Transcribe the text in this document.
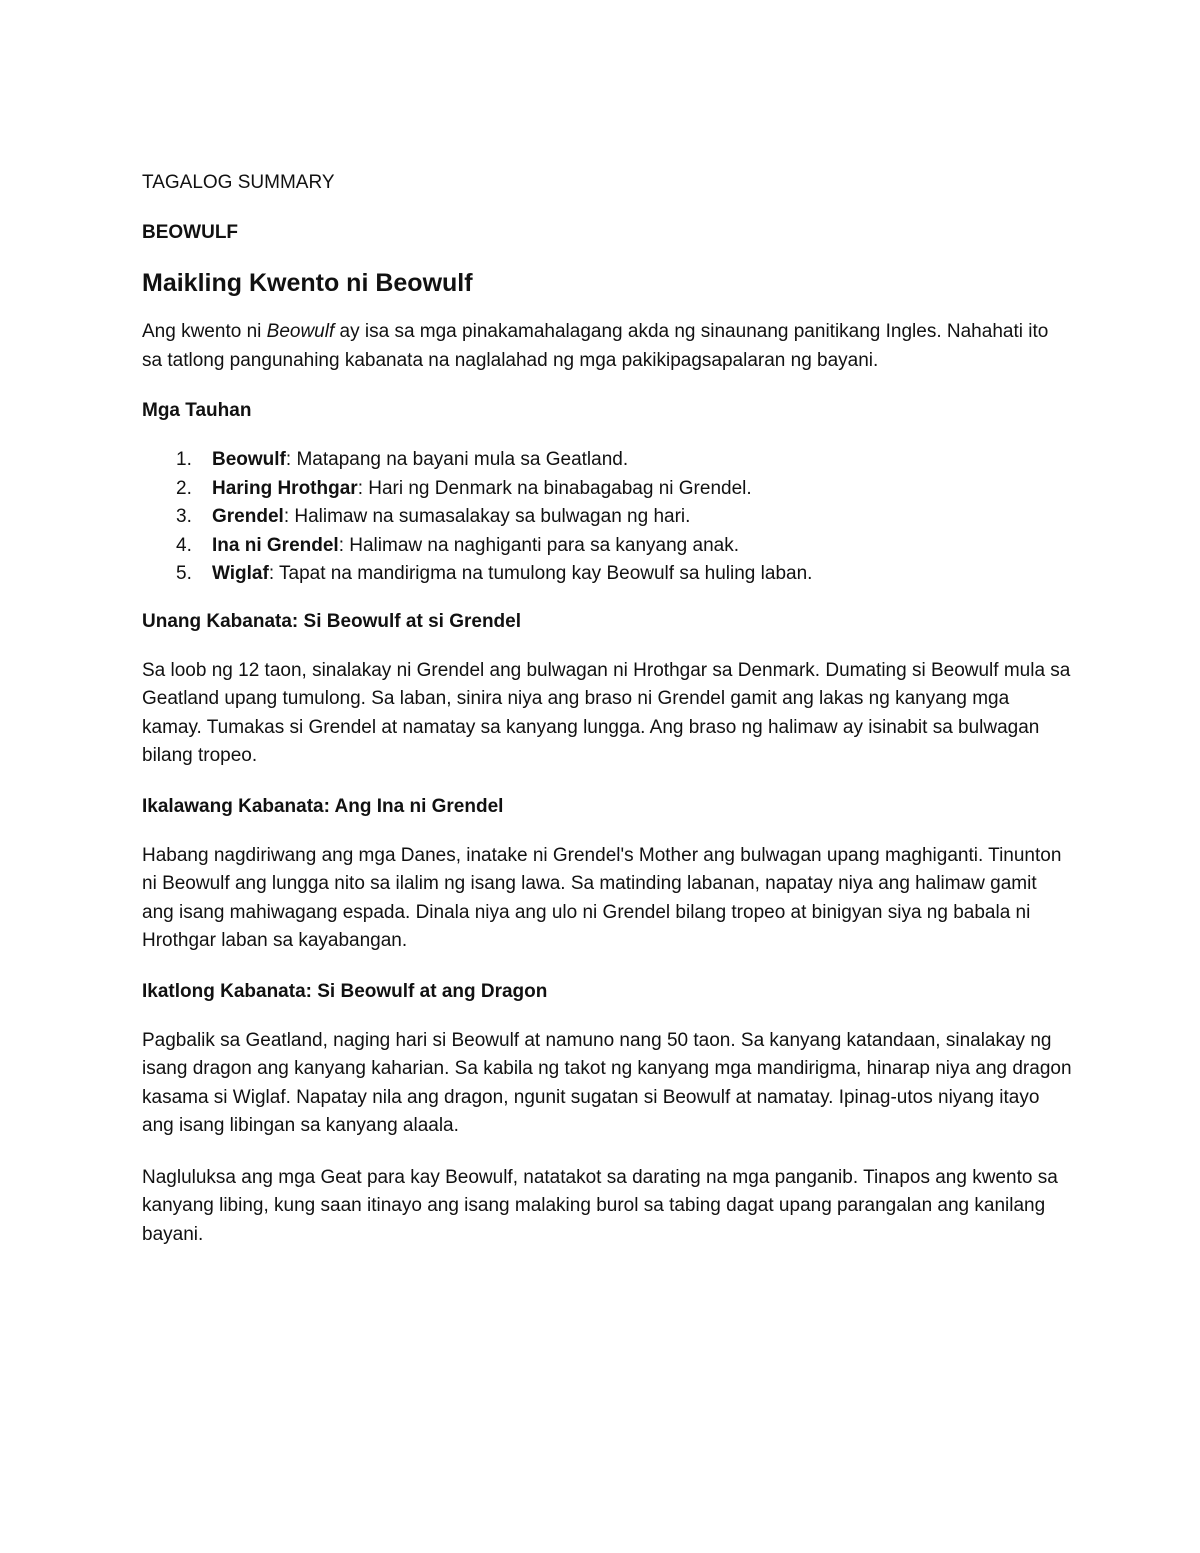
TAGALOG SUMMARY
BEOWULF
Maikling Kwento ni Beowulf

Ang kwento ni Beowulf ay isa sa mga pinakamahalagang akda ng sinaunang panitikang Ingles. Nahahati ito sa tatlong pangunahing kabanata na naglalahad ng mga pakikipagsapalaran ng bayani.

Mga Tauhan
1. Beowulf: Matapang na bayani mula sa Geatland.
2. Haring Hrothgar: Hari ng Denmark na binabagabag ni Grendel.
3. Grendel: Halimaw na sumasalakay sa bulwagan ng hari.
4. Ina ni Grendel: Halimaw na naghiganti para sa kanyang anak.
5. Wiglaf: Tapat na mandirigma na tumulong kay Beowulf sa huling laban.
Unang Kabanata: Si Beowulf at si Grendel

Sa loob ng 12 taon, sinalakay ni Grendel ang bulwagan ni Hrothgar sa Denmark. Dumating si Beowulf mula sa Geatland upang tumulong. Sa laban, sinira niya ang braso ni Grendel gamit ang lakas ng kanyang mga kamay. Tumakas si Grendel at namatay sa kanyang lungga. Ang braso ng halimaw ay isinabit sa bulwagan bilang tropeo.

Ikalawang Kabanata: Ang Ina ni Grendel

Habang nagdiriwang ang mga Danes, inatake ni Grendel's Mother ang bulwagan upang maghiganti. Tinunton ni Beowulf ang lungga nito sa ilalim ng isang lawa. Sa matinding labanan, napatay niya ang halimaw gamit ang isang mahiwagang espada. Dinala niya ang ulo ni Grendel bilang tropeo at binigyan siya ng babala ni Hrothgar laban sa kayabangan.

Ikatlong Kabanata: Si Beowulf at ang Dragon

Pagbalik sa Geatland, naging hari si Beowulf at namuno nang 50 taon. Sa kanyang katandaan, sinalakay ng isang dragon ang kanyang kaharian. Sa kabila ng takot ng kanyang mga mandirigma, hinarap niya ang dragon kasama si Wiglaf. Napatay nila ang dragon, ngunit sugatan si Beowulf at namatay. Ipinag-utos niyang itayo ang isang libingan sa kanyang alaala.

Nagluluksa ang mga Geat para kay Beowulf, natatakot sa darating na mga panganib. Tinapos ang kwento sa kanyang libing, kung saan itinayo ang isang malaking burol sa tabing dagat upang parangalan ang kanilang bayani.
